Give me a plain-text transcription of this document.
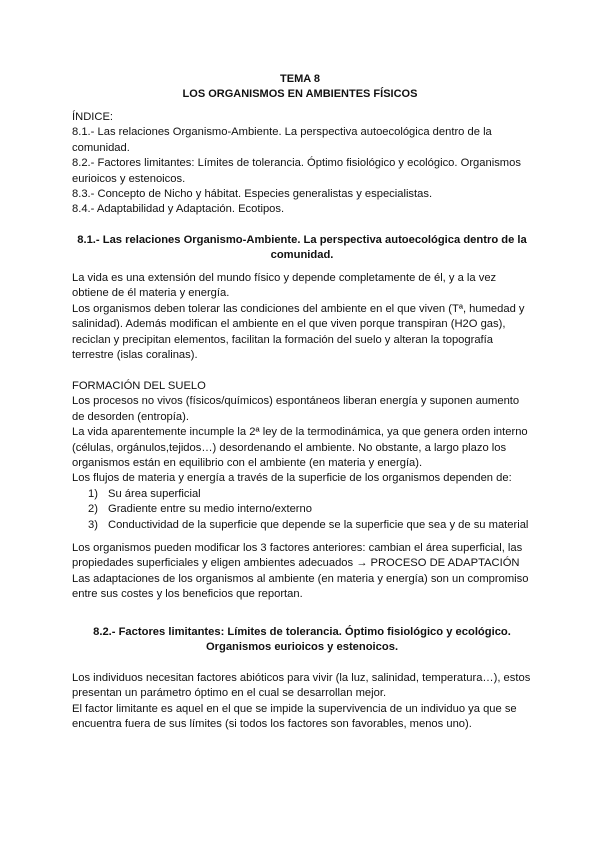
TEMA 8
LOS ORGANISMOS EN AMBIENTES FÍSICOS

ÍNDICE:

8.1.- Las relaciones Organismo-Ambiente. La perspectiva autoecológica dentro de la comunidad.

8.2.- Factores limitantes: Límites de tolerancia. Óptimo fisiológico y ecológico. Organismos eurioicos y estenoicos.

8.3.- Concepto de Nicho y hábitat. Especies generalistas y especialistas.

8.4.- Adaptabilidad y Adaptación. Ecotipos.

8.1.- Las relaciones Organismo-Ambiente. La perspectiva autoecológica dentro de la comunidad.

La vida es una extensión del mundo físico y depende completamente de él, y a la vez obtiene de él materia y energía.

Los organismos deben tolerar las condiciones del ambiente en el que viven (Tª, humedad y salinidad). Además modifican el ambiente en el que viven porque transpiran (H2O gas), reciclan y precipitan elementos, facilitan la formación del suelo y alteran la topografía terrestre (islas coralinas).

FORMACIÓN DEL SUELO

Los procesos no vivos (físicos/químicos) espontáneos liberan energía y suponen aumento de desorden (entropía).

La vida aparentemente incumple la 2ª ley de la termodinámica, ya que genera orden interno (células, orgánulos,tejidos…) desordenando el ambiente. No obstante, a largo plazo los organismos están en equilibrio con el ambiente (en materia y energía).

Los flujos de materia y energía a través de la superficie de los organismos dependen de:

1) Su área superficial
2) Gradiente entre su medio interno/externo
3) Conductividad de la superficie que depende se la superficie que sea y de su material

Los organismos pueden modificar los 3 factores anteriores: cambian el área superficial, las propiedades superficiales y eligen ambientes adecuados → PROCESO DE ADAPTACIÓN

Las adaptaciones de los organismos al ambiente (en materia y energía) son un compromiso entre sus costes y los beneficios que reportan.

8.2.- Factores limitantes: Límites de tolerancia. Óptimo fisiológico y ecológico. Organismos eurioicos y estenoicos.

Los individuos necesitan factores abióticos para vivir (la luz, salinidad, temperatura…), estos presentan un parámetro óptimo en el cual se desarrollan mejor.

El factor limitante es aquel en el que se impide la supervivencia de un individuo ya que se encuentra fuera de sus límites (si todos los factores son favorables, menos uno).
